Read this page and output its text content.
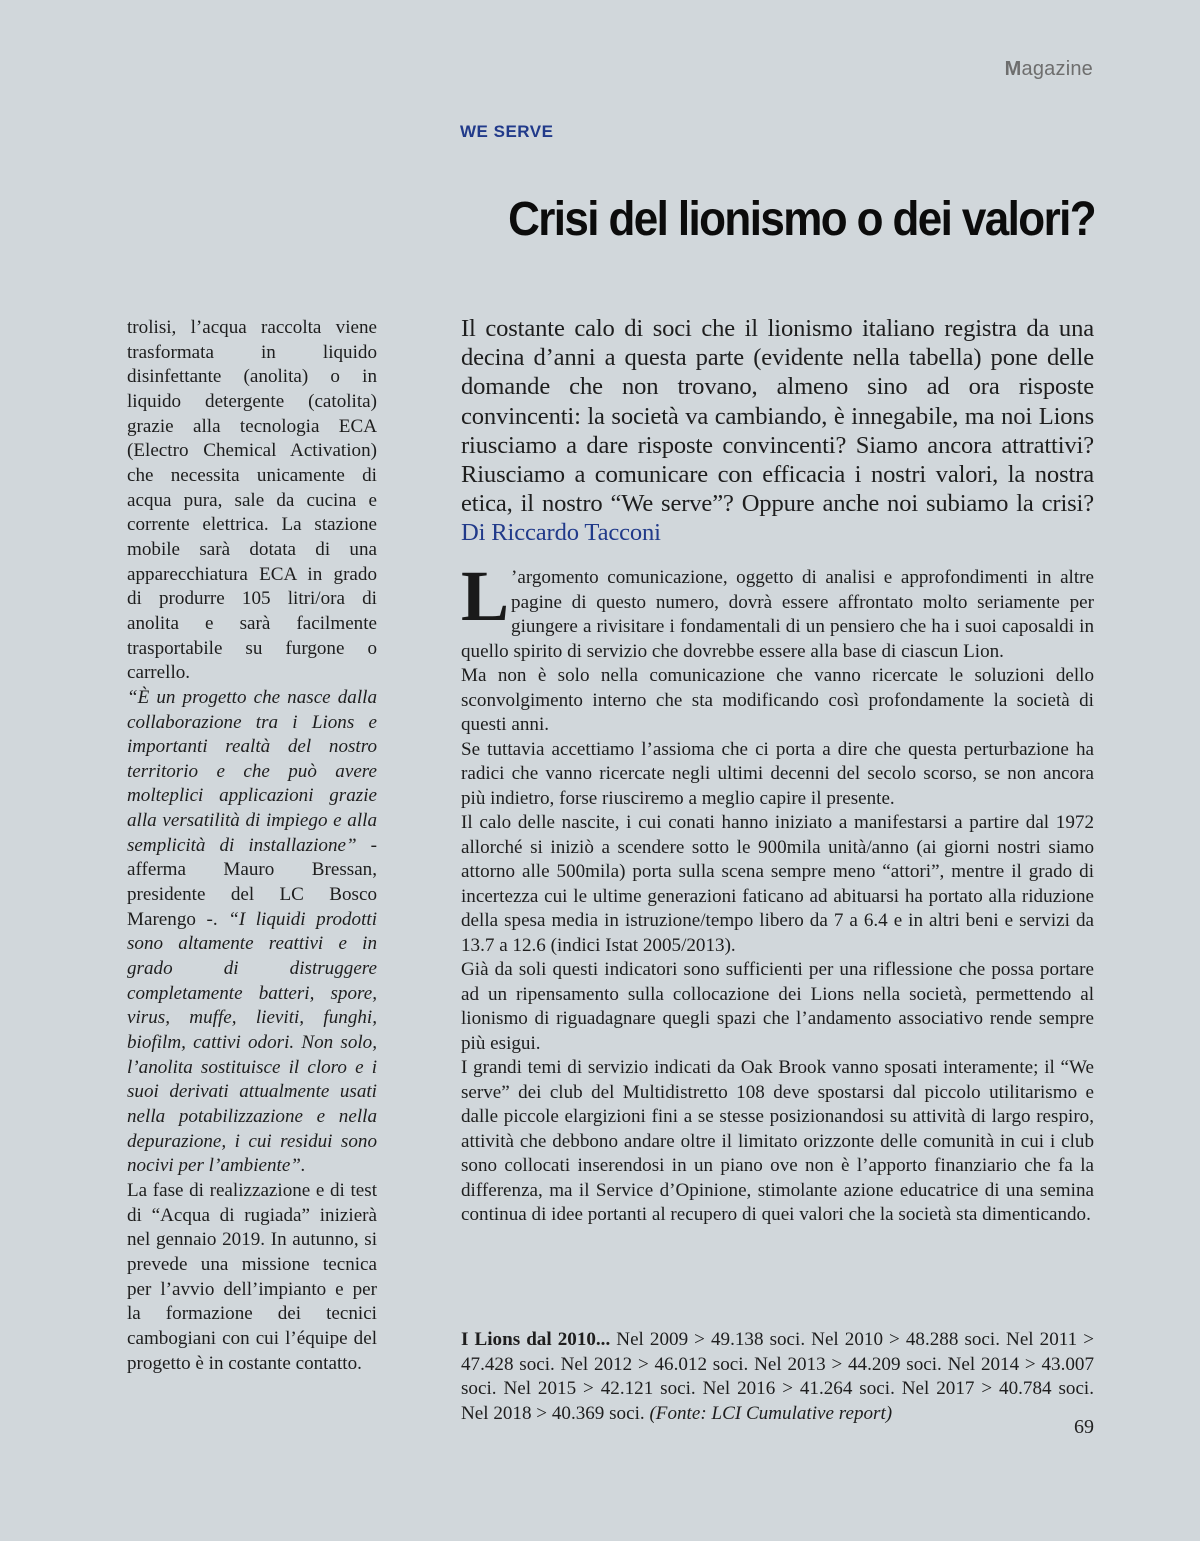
Magazine
WE SERVE
Crisi del lionismo o dei valori?

trolisi, l’acqua raccolta viene trasformata in liquido disinfettante (anolita) o in liquido detergente (catolita) grazie alla tecnologia ECA (Electro Chemical Activation) che necessita unicamente di acqua pura, sale da cucina e corrente elettrica. La stazione mobile sarà dotata di una apparecchiatura ECA in grado di produrre 105 litri/ora di anolita e sarà facilmente trasportabile su furgone o carrello.

“È un progetto che nasce dalla collaborazione tra i Lions e importanti realtà del nostro territorio e che può avere molteplici applicazioni grazie alla versatilità di impiego e alla semplicità di installazione” - afferma Mauro Bressan, presidente del LC Bosco Marengo -. “I liquidi prodotti sono altamente reattivi e in grado di distruggere completamente batteri, spore, virus, muffe, lieviti, funghi, biofilm, cattivi odori. Non solo, l’anolita sostituisce il cloro e i suoi derivati attualmente usati nella potabilizzazione e nella depurazione, i cui residui sono nocivi per l’ambiente”.

La fase di realizzazione e di test di “Acqua di rugiada” inizierà nel gennaio 2019. In autunno, si prevede una missione tecnica per l’avvio dell’impianto e per la formazione dei tecnici cambogiani con cui l’équipe del progetto è in costante contatto.

Il costante calo di soci che il lionismo italiano registra da una decina d’anni a questa parte (evidente nella tabella) pone delle domande che non trovano, almeno sino ad ora risposte convincenti: la società va cambiando, è innegabile, ma noi Lions riusciamo a dare risposte convincenti? Siamo ancora attrattivi? Riusciamo a comunicare con efficacia i nostri valori, la nostra etica, il nostro “We serve”? Oppure anche noi subiamo la crisi? Di Riccardo Tacconi

L ’argomento comunicazione, oggetto di analisi e approfondimenti in altre pagine di questo numero, dovrà essere affrontato molto seriamente per giungere a rivisitare i fondamentali di un pensiero che ha i suoi caposaldi in quello spirito di servizio che dovrebbe essere alla base di ciascun Lion.

Ma non è solo nella comunicazione che vanno ricercate le soluzioni dello sconvolgimento interno che sta modificando così profondamente la società di questi anni.

Se tuttavia accettiamo l’assioma che ci porta a dire che questa perturbazione ha radici che vanno ricercate negli ultimi decenni del secolo scorso, se non ancora più indietro, forse riusciremo a meglio capire il presente.

Il calo delle nascite, i cui conati hanno iniziato a manifestarsi a partire dal 1972 allorché si iniziò a scendere sotto le 900mila unità/anno (ai giorni nostri siamo attorno alle 500mila) porta sulla scena sempre meno “attori”, mentre il grado di incertezza cui le ultime generazioni faticano ad abituarsi ha portato alla riduzione della spesa media in istruzione/tempo libero da 7 a 6.4 e in altri beni e servizi da 13.7 a 12.6 (indici Istat 2005/2013).

Già da soli questi indicatori sono sufficienti per una riflessione che possa portare ad un ripensamento sulla collocazione dei Lions nella società, permettendo al lionismo di riguadagnare quegli spazi che l’andamento associativo rende sempre più esigui.

I grandi temi di servizio indicati da Oak Brook vanno sposati interamente; il “We serve” dei club del Multidistretto 108 deve spostarsi dal piccolo utilitarismo e dalle piccole elargizioni fini a se stesse posizionandosi su attività di largo respiro, attività che debbono andare oltre il limitato orizzonte delle comunità in cui i club sono collocati inserendosi in un piano ove non è l’apporto finanziario che fa la differenza, ma il Service d’Opinione, stimolante azione educatrice di una semina continua di idee portanti al recupero di quei valori che la società sta dimenticando.

I Lions dal 2010... Nel 2009 > 49.138 soci. Nel 2010 > 48.288 soci. Nel 2011 > 47.428 soci. Nel 2012 > 46.012 soci. Nel 2013 > 44.209 soci. Nel 2014 > 43.007 soci. Nel 2015 > 42.121 soci. Nel 2016 > 41.264 soci. Nel 2017 > 40.784 soci. Nel 2018 > 40.369 soci. (Fonte: LCI Cumulative report)

69
